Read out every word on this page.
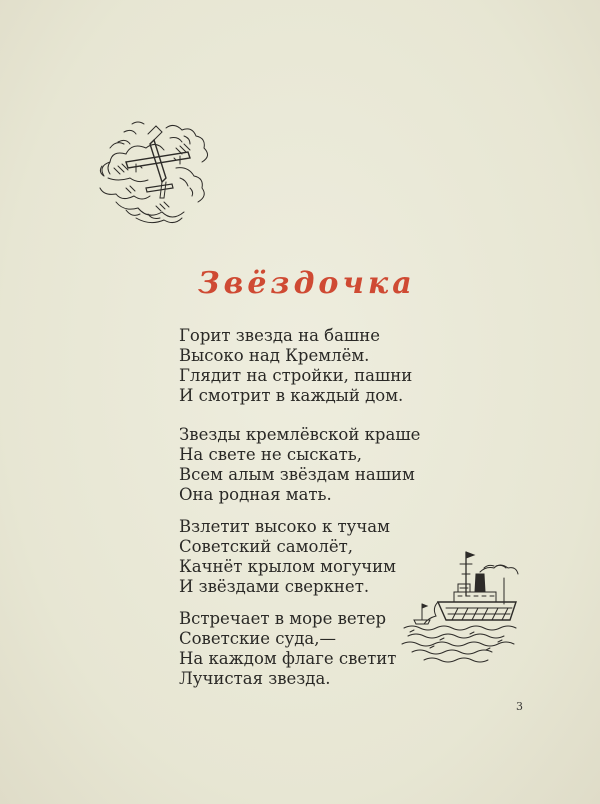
Звёздочка
Горит звезда на башне
Высоко над Кремлём.
Глядит на стройки, пашни
И смотрит в каждый дом.
Звезды кремлёвской краше
На свете не сыскать,
Всем алым звёздам нашим
Она родная мать.
Взлетит высоко к тучам
Советский самолёт,
Качнёт крылом могучим
И звёздами сверкнет.
Встречает в море ветер
Советские суда,—
На каждом флаге светит
Лучистая звезда.
3
